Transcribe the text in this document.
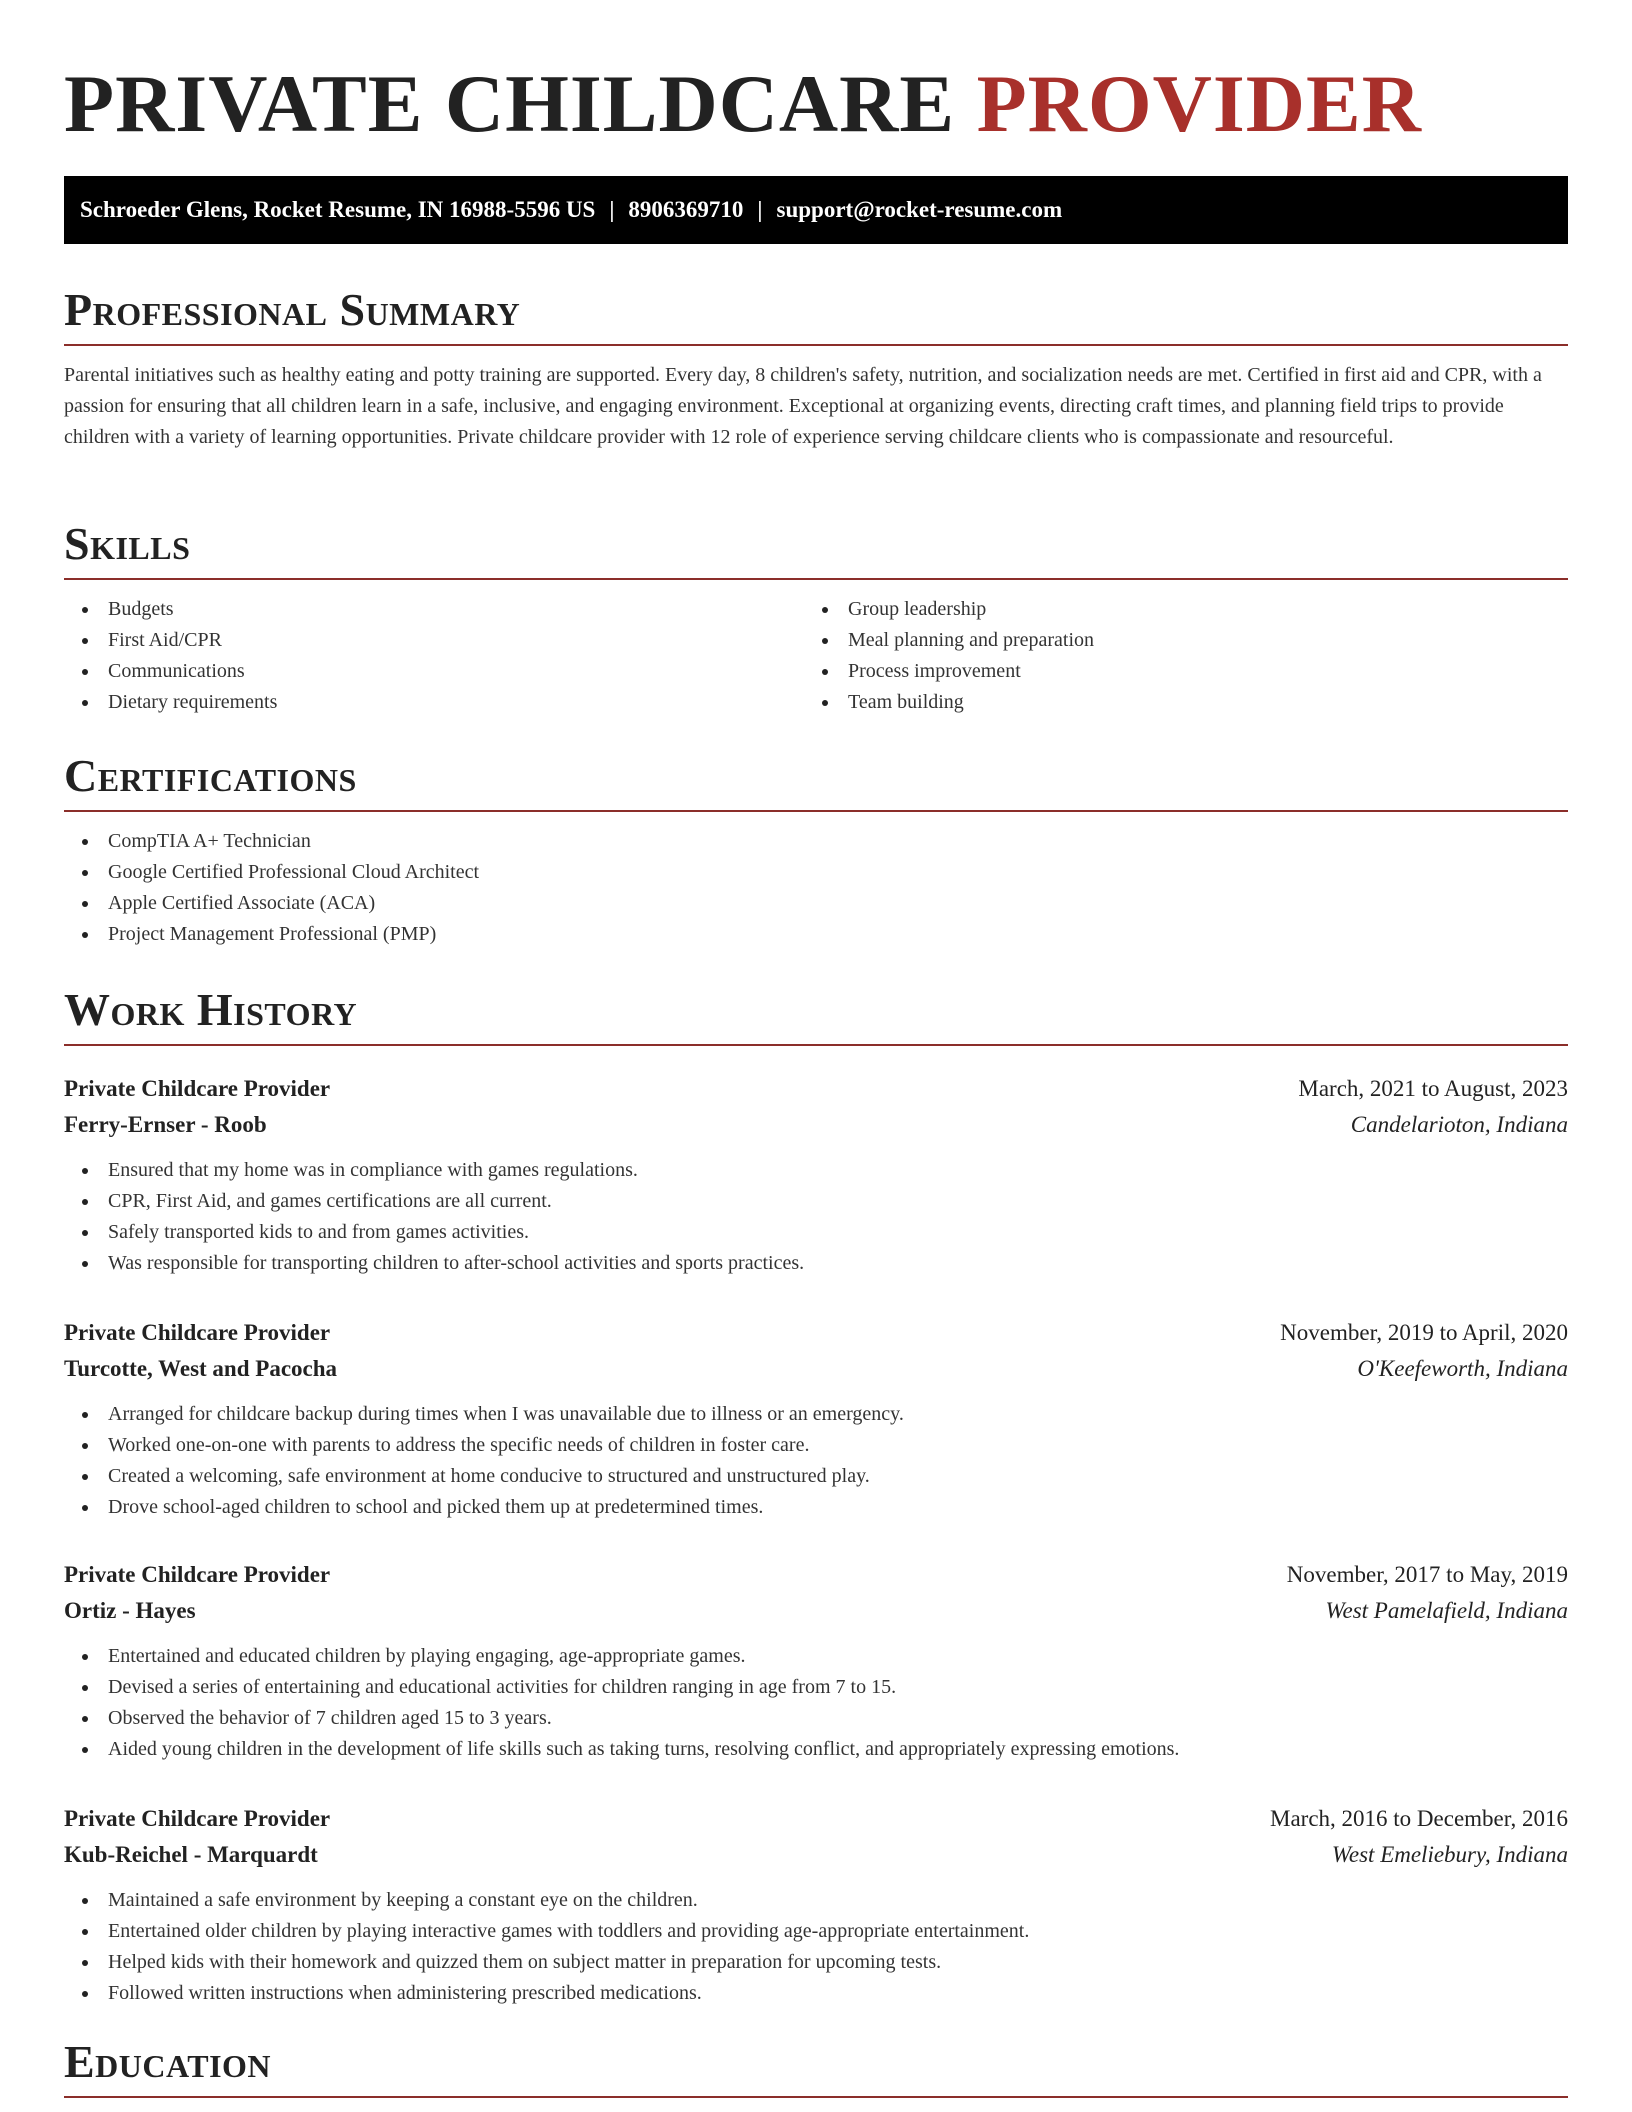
PRIVATE CHILDCARE PROVIDER
Schroeder Glens, Rocket Resume, IN 16988-5596 US | 8906369710 | support@rocket-resume.com
Professional Summary

Parental initiatives such as healthy eating and potty training are supported. Every day, 8 children's safety, nutrition, and socialization needs are met. Certified in first aid and CPR, with a passion for ensuring that all children learn in a safe, inclusive, and engaging environment. Exceptional at organizing events, directing craft times, and planning field trips to provide children with a variety of learning opportunities. Private childcare provider with 12 role of experience serving childcare clients who is compassionate and resourceful.

Skills
Budgets
First Aid/CPR
Communications
Dietary requirements
Group leadership
Meal planning and preparation
Process improvement
Team building
Certifications
CompTIA A+ Technician
Google Certified Professional Cloud Architect
Apple Certified Associate (ACA)
Project Management Professional (PMP)
Work History
Private Childcare Provider	March, 2021 to August, 2023
Ferry-Ernser - Roob	Candelarioton, Indiana
Ensured that my home was in compliance with games regulations.
CPR, First Aid, and games certifications are all current.
Safely transported kids to and from games activities.
Was responsible for transporting children to after-school activities and sports practices.
Private Childcare Provider	November, 2019 to April, 2020
Turcotte, West and Pacocha	O'Keefeworth, Indiana
Arranged for childcare backup during times when I was unavailable due to illness or an emergency.
Worked one-on-one with parents to address the specific needs of children in foster care.
Created a welcoming, safe environment at home conducive to structured and unstructured play.
Drove school-aged children to school and picked them up at predetermined times.
Private Childcare Provider	November, 2017 to May, 2019
Ortiz - Hayes	West Pamelafield, Indiana
Entertained and educated children by playing engaging, age-appropriate games.
Devised a series of entertaining and educational activities for children ranging in age from 7 to 15.
Observed the behavior of 7 children aged 15 to 3 years.
Aided young children in the development of life skills such as taking turns, resolving conflict, and appropriately expressing emotions.
Private Childcare Provider	March, 2016 to December, 2016
Kub-Reichel - Marquardt	West Emeliebury, Indiana
Maintained a safe environment by keeping a constant eye on the children.
Entertained older children by playing interactive games with toddlers and providing age-appropriate entertainment.
Helped kids with their homework and quizzed them on subject matter in preparation for upcoming tests.
Followed written instructions when administering prescribed medications.
Education
